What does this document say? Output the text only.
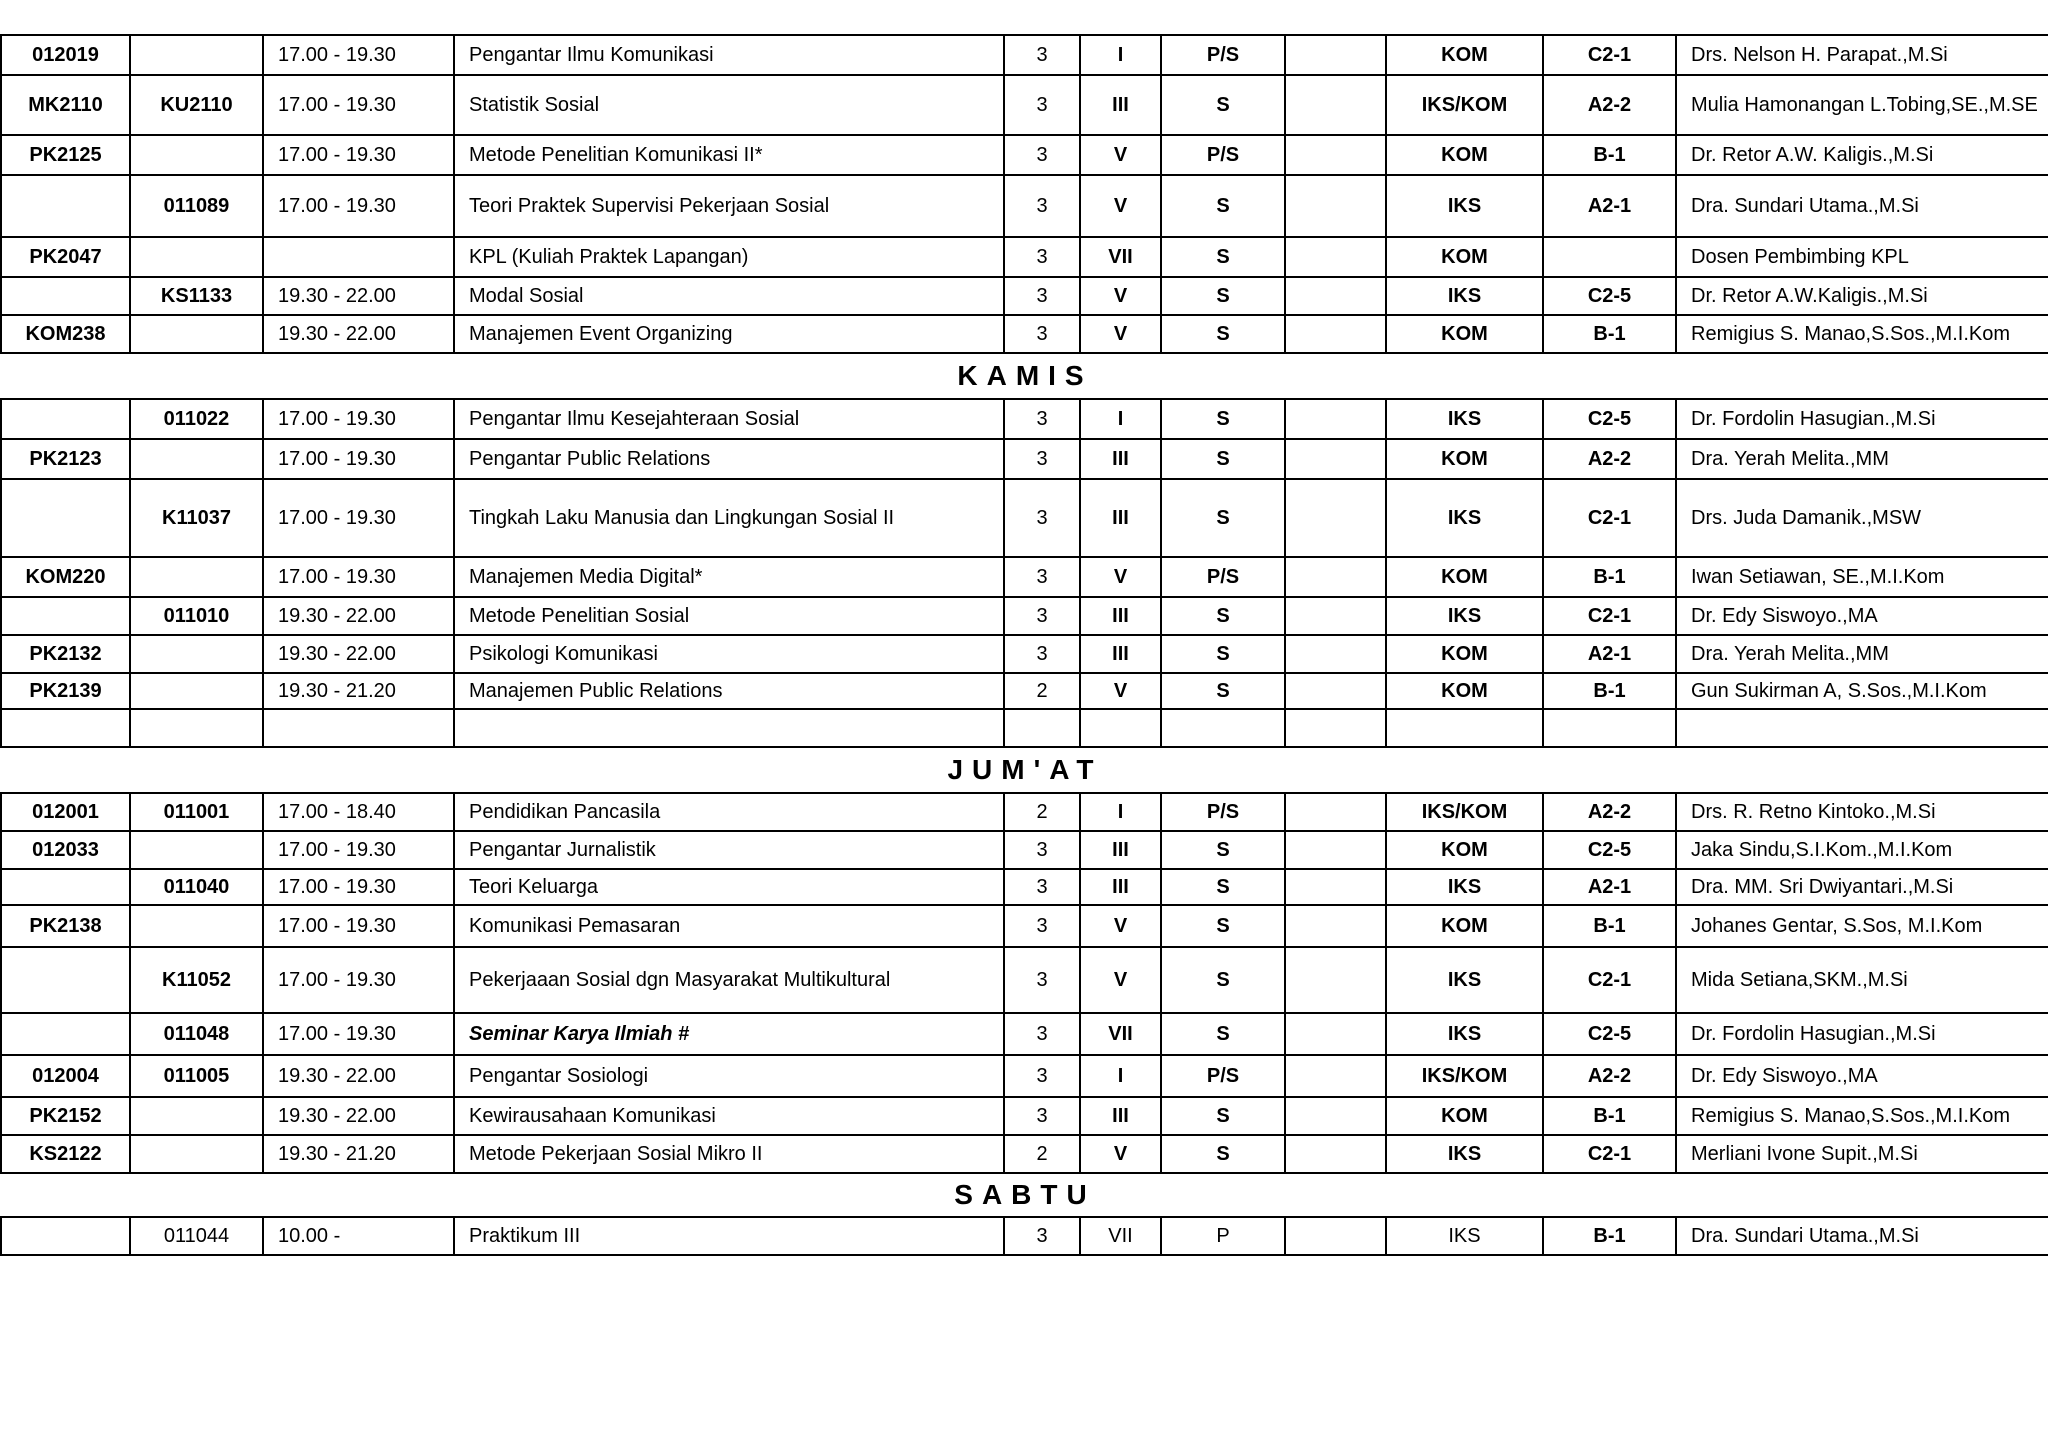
012019		17.00 - 19.30	Pengantar Ilmu Komunikasi	3	I	P/S		KOM	C2-1	Drs. Nelson H. Parapat.,M.Si
MK2110	KU2110	17.00 - 19.30	Statistik Sosial	3	III	S		IKS/KOM	A2-2	Mulia Hamonangan L.Tobing,SE.,M.SE
PK2125		17.00 - 19.30	Metode Penelitian Komunikasi II*	3	V	P/S		KOM	B-1	Dr. Retor A.W. Kaligis.,M.Si
	011089	17.00 - 19.30	Teori Praktek Supervisi Pekerjaan Sosial	3	V	S		IKS	A2-1	Dra. Sundari Utama.,M.Si
PK2047			KPL (Kuliah Praktek Lapangan)	3	VII	S		KOM		Dosen Pembimbing KPL
	KS1133	19.30 - 22.00	Modal Sosial	3	V	S		IKS	C2-5	Dr. Retor A.W.Kaligis.,M.Si
KOM238		19.30 - 22.00	Manajemen Event Organizing	3	V	S		KOM	B-1	Remigius S. Manao,S.Sos.,M.I.Kom
KAMIS										
	011022	17.00 - 19.30	Pengantar Ilmu Kesejahteraan Sosial	3	I	S		IKS	C2-5	Dr. Fordolin Hasugian.,M.Si
PK2123		17.00 - 19.30	Pengantar Public Relations	3	III	S		KOM	A2-2	Dra. Yerah Melita.,MM
	K11037	17.00 - 19.30	Tingkah Laku Manusia dan Lingkungan Sosial II	3	III	S		IKS	C2-1	Drs. Juda Damanik.,MSW
KOM220		17.00 - 19.30	Manajemen Media Digital*	3	V	P/S		KOM	B-1	Iwan Setiawan, SE.,M.I.Kom
	011010	19.30 - 22.00	Metode Penelitian Sosial	3	III	S		IKS	C2-1	Dr. Edy Siswoyo.,MA
PK2132		19.30 - 22.00	Psikologi Komunikasi	3	III	S		KOM	A2-1	Dra. Yerah Melita.,MM
PK2139		19.30 - 21.20	Manajemen Public Relations	2	V	S		KOM	B-1	Gun Sukirman A, S.Sos.,M.I.Kom

JUM'AT										
012001	011001	17.00 - 18.40	Pendidikan Pancasila	2	I	P/S		IKS/KOM	A2-2	Drs. R. Retno Kintoko.,M.Si
012033		17.00 - 19.30	Pengantar Jurnalistik	3	III	S		KOM	C2-5	Jaka Sindu,S.I.Kom.,M.I.Kom
	011040	17.00 - 19.30	Teori Keluarga	3	III	S		IKS	A2-1	Dra. MM. Sri Dwiyantari.,M.Si
PK2138		17.00 - 19.30	Komunikasi Pemasaran	3	V	S		KOM	B-1	Johanes Gentar, S.Sos, M.I.Kom
	K11052	17.00 - 19.30	Pekerjaaan Sosial dgn Masyarakat Multikultural	3	V	S		IKS	C2-1	Mida Setiana,SKM.,M.Si
	011048	17.00 - 19.30	Seminar Karya Ilmiah #	3	VII	S		IKS	C2-5	Dr. Fordolin Hasugian.,M.Si
012004	011005	19.30 - 22.00	Pengantar Sosiologi	3	I	P/S		IKS/KOM	A2-2	Dr. Edy Siswoyo.,MA
PK2152		19.30 - 22.00	Kewirausahaan Komunikasi	3	III	S		KOM	B-1	Remigius S. Manao,S.Sos.,M.I.Kom
KS2122		19.30 - 21.20	Metode Pekerjaan Sosial Mikro II	2	V	S		IKS	C2-1	Merliani Ivone Supit.,M.Si
SABTU										
	011044	10.00 -	Praktikum III	3	VII	P		IKS	B-1	Dra. Sundari Utama.,M.Si
